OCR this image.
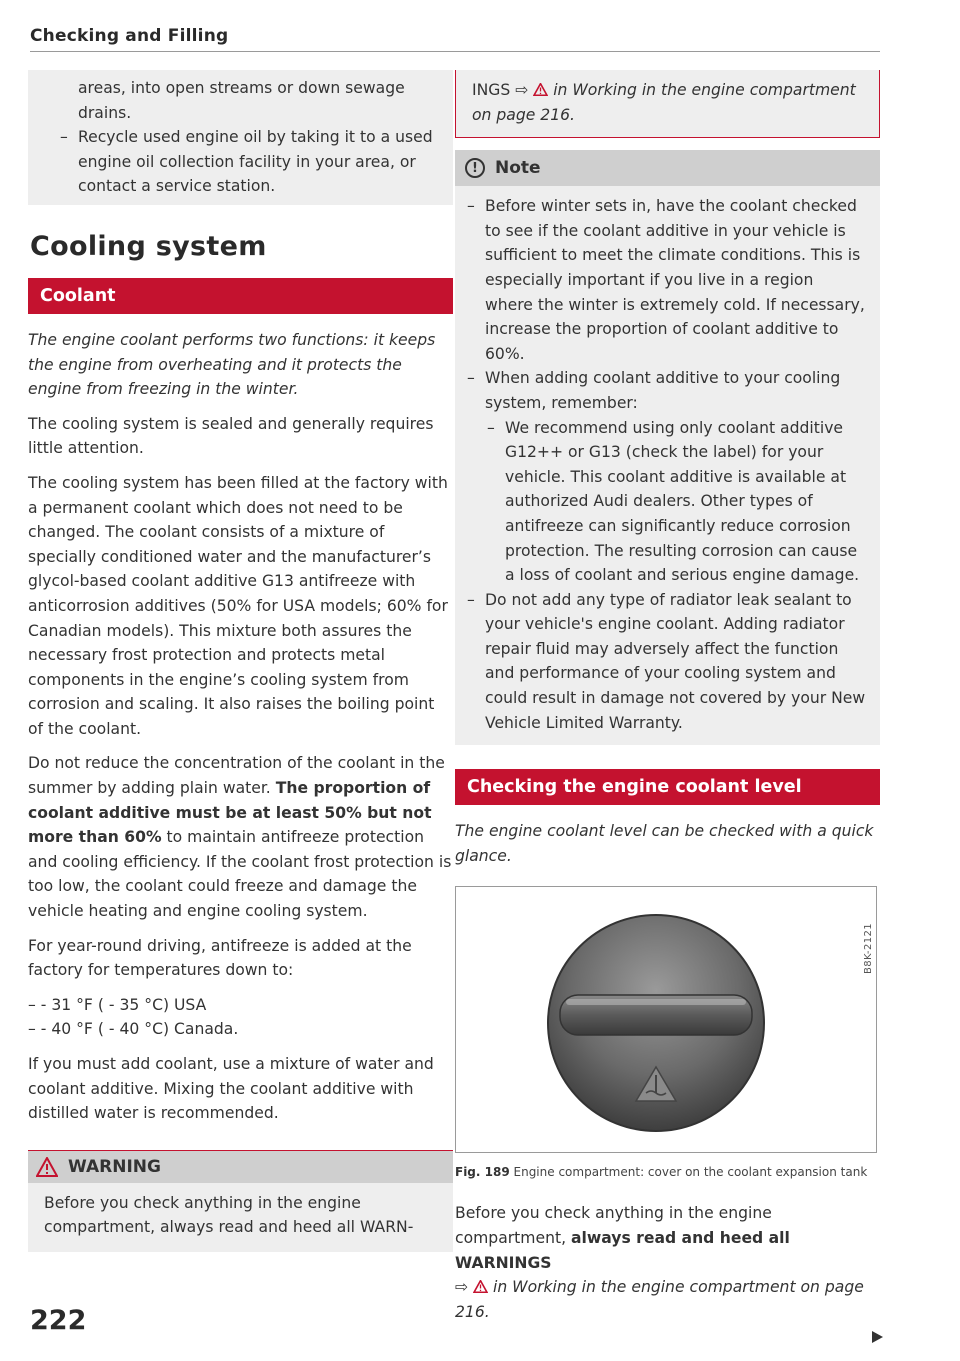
Checking and Filling

areas, into open streams or down sewage drains.

– Recycle used engine oil by taking it to a used engine oil collection facility in your area, or contact a service station.
Cooling system
Coolant

The engine coolant performs two functions: it keeps the engine from overheating and it protects the engine from freezing in the winter.

The cooling system is sealed and generally requires little attention.

The cooling system has been filled at the factory with a permanent coolant which does not need to be changed. The coolant consists of a mixture of specially conditioned water and the manufacturer’s glycol-based coolant additive G13 antifreeze with anticorrosion additives (50% for USA models; 60% for Canadian models). This mixture both assures the necessary frost protection and protects metal components in the engine’s cooling system from corrosion and scaling. It also raises the boiling point of the coolant.

Do not reduce the concentration of the coolant in the summer by adding plain water. The proportion of coolant additive must be at least 50% but not more than 60% to maintain antifreeze protection and cooling efficiency. If the coolant frost protection is too low, the coolant could freeze and damage the vehicle heating and engine cooling system.

For year-round driving, antifreeze is added at the factory for temperatures down to:

– - 31 °F ( - 35 °C) USA
– - 40 °F ( - 40 °C) Canada.

If you must add coolant, use a mixture of water and coolant additive. Mixing the coolant additive with distilled water is recommended.

WARNING

Before you check anything in the engine compartment, always read and heed all WARN-

INGS ⇨  in Working in the engine compartment on page 216.

!	Note
– Before winter sets in, have the coolant checked to see if the coolant additive in your vehicle is sufficient to meet the climate conditions. This is especially important if you live in a region where the winter is extremely cold. If necessary, increase the proportion of coolant additive to 60%.
– When adding coolant additive to your cooling system, remember:
– We recommend using only coolant additive G12++ or G13 (check the label) for your vehicle. This coolant additive is available at authorized Audi dealers. Other types of antifreeze can significantly reduce corrosion protection. The resulting corrosion can cause a loss of coolant and serious engine damage.
– Do not add any type of radiator leak sealant to your vehicle's engine coolant. Adding radiator repair fluid may adversely affect the function and performance of your cooling system and could result in damage not covered by your New Vehicle Limited Warranty.
Checking the engine coolant level

The engine coolant level can be checked with a quick glance.

B8K-2121

Fig. 189 Engine compartment: cover on the coolant expansion tank

Before you check anything in the engine compartment, always read and heed all WARNINGS
⇨  in Working in the engine compartment on page 216.

222
